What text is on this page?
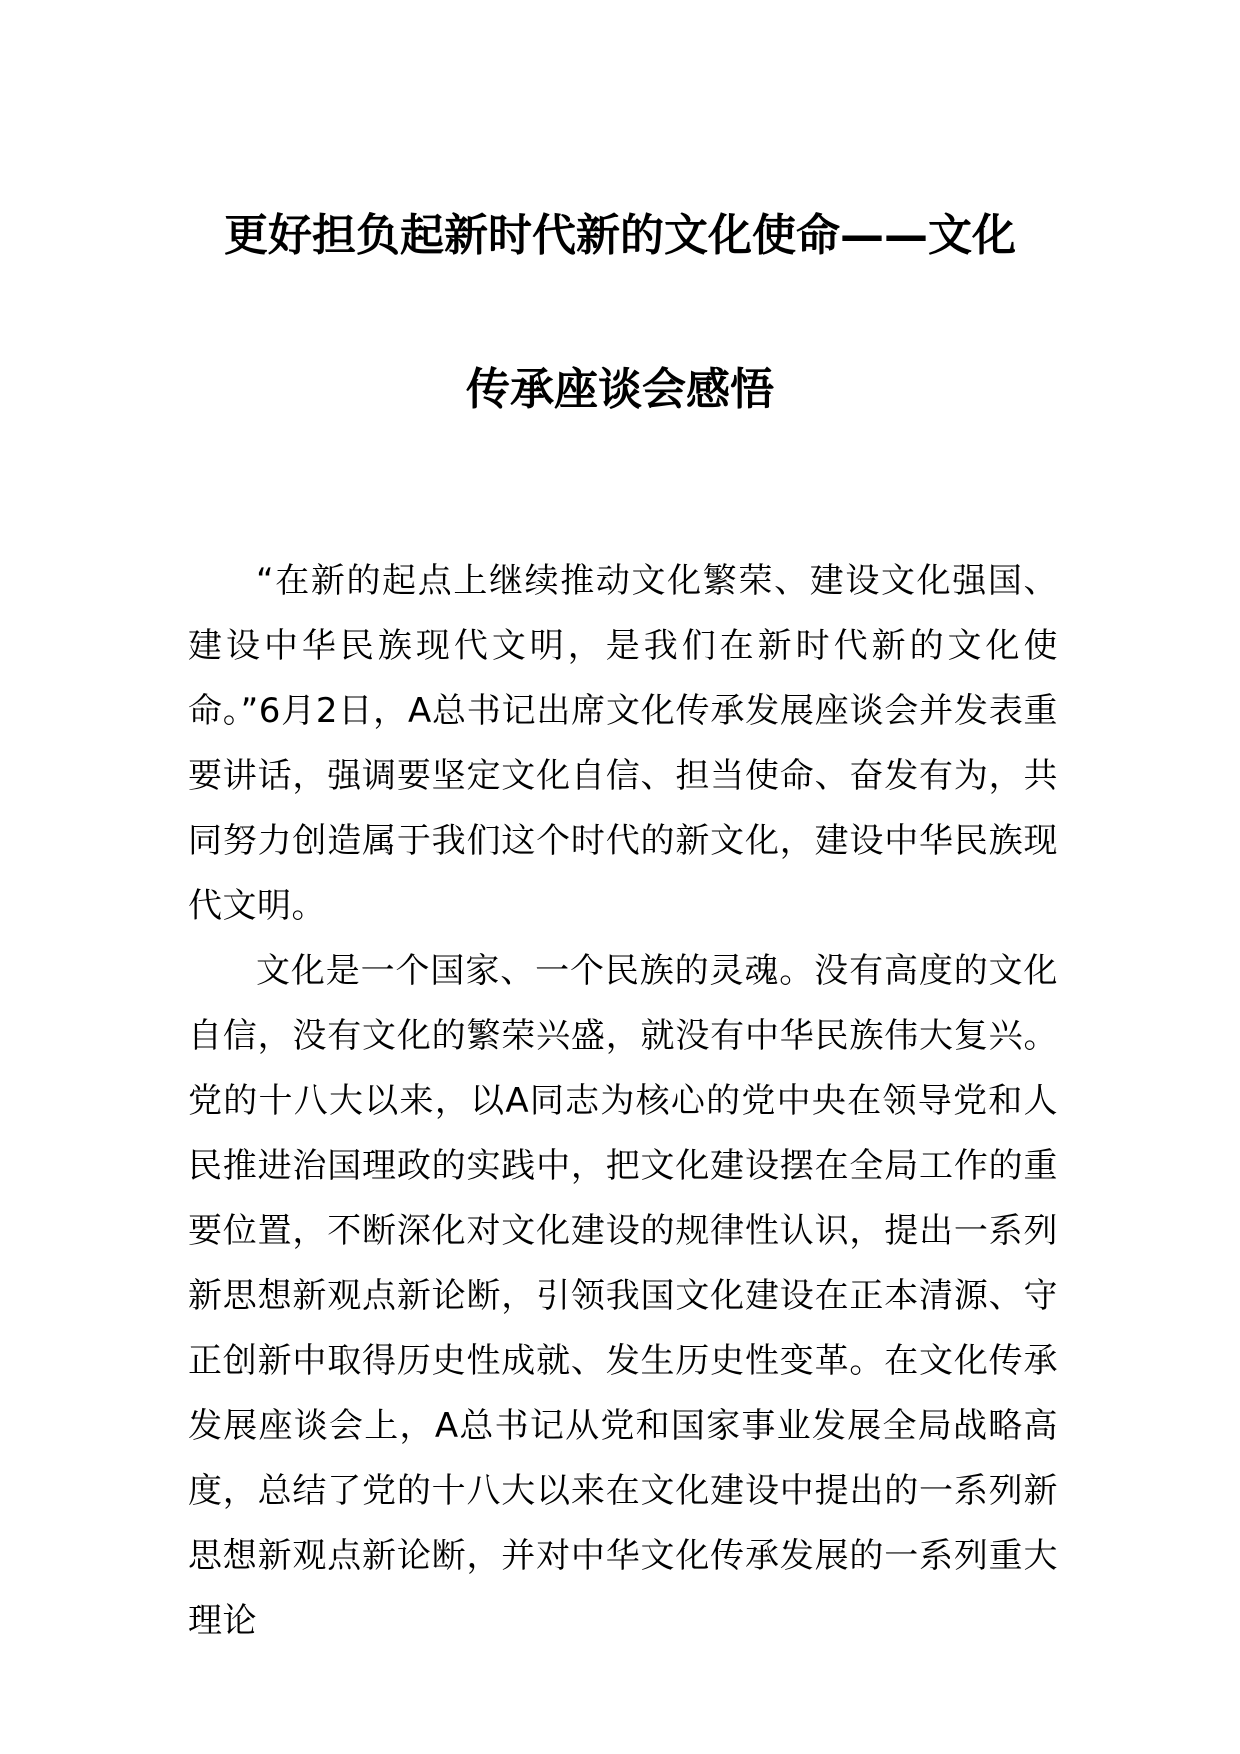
更好担负起新时代新的文化使命——文化
传承座谈会感悟

“在新的起点上继续推动文化繁荣、建设文化强国、建设中华民族现代文明，是我们在新时代新的文化使命。”6月2日，A总书记出席文化传承发展座谈会并发表重要讲话，强调要坚定文化自信、担当使命、奋发有为，共同努力创造属于我们这个时代的新文化，建设中华民族现代文明。

文化是一个国家、一个民族的灵魂。没有高度的文化自信，没有文化的繁荣兴盛，就没有中华民族伟大复兴。党的十八大以来，以A同志为核心的党中央在领导党和人民推进治国理政的实践中，把文化建设摆在全局工作的重要位置，不断深化对文化建设的规律性认识，提出一系列新思想新观点新论断，引领我国文化建设在正本清源、守正创新中取得历史性成就、发生历史性变革。在文化传承发展座谈会上，A总书记从党和国家事业发展全局战略高度，总结了党的十八大以来在文化建设中提出的一系列新思想新观点新论断，并对中华文化传承发展的一系列重大理论
